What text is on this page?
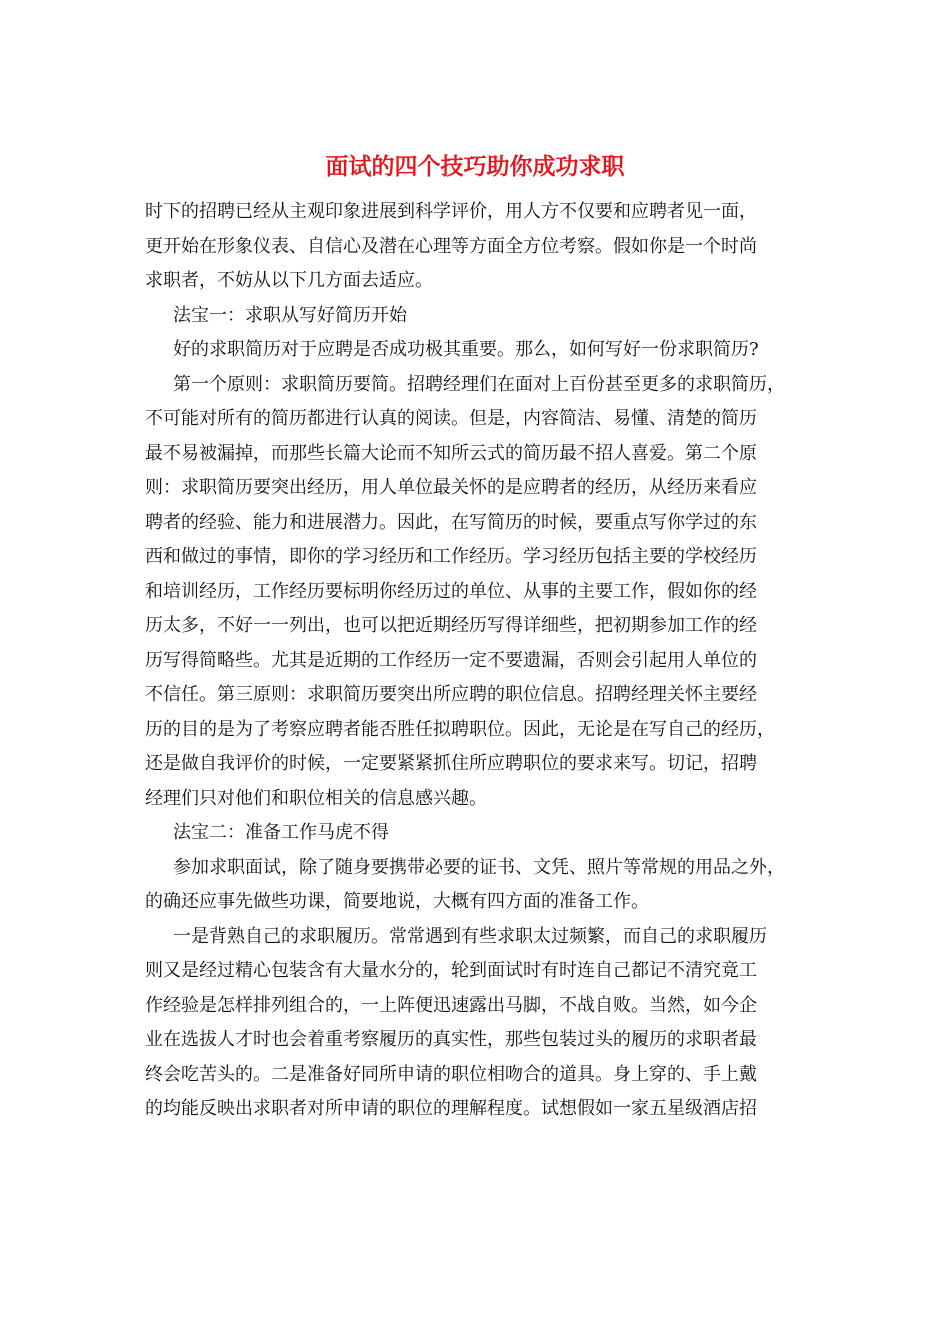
面试的四个技巧助你成功求职
时下的招聘已经从主观印象进展到科学评价，用人方不仅要和应聘者见一面，
更开始在形象仪表、自信心及潜在心理等方面全方位考察。假如你是一个时尚
求职者，不妨从以下几方面去适应。
法宝一：求职从写好简历开始
好的求职简历对于应聘是否成功极其重要。那么，如何写好一份求职简历?
第一个原则：求职简历要简。招聘经理们在面对上百份甚至更多的求职简历，
不可能对所有的简历都进行认真的阅读。但是，内容简洁、易懂、清楚的简历
最不易被漏掉，而那些长篇大论而不知所云式的简历最不招人喜爱。第二个原
则：求职简历要突出经历，用人单位最关怀的是应聘者的经历，从经历来看应
聘者的经验、能力和进展潜力。因此，在写简历的时候，要重点写你学过的东
西和做过的事情，即你的学习经历和工作经历。学习经历包括主要的学校经历
和培训经历，工作经历要标明你经历过的单位、从事的主要工作，假如你的经
历太多，不好一一列出，也可以把近期经历写得详细些，把初期参加工作的经
历写得简略些。尤其是近期的工作经历一定不要遗漏，否则会引起用人单位的
不信任。第三原则：求职简历要突出所应聘的职位信息。招聘经理关怀主要经
历的目的是为了考察应聘者能否胜任拟聘职位。因此，无论是在写自己的经历，
还是做自我评价的时候，一定要紧紧抓住所应聘职位的要求来写。切记，招聘
经理们只对他们和职位相关的信息感兴趣。
法宝二：准备工作马虎不得
参加求职面试，除了随身要携带必要的证书、文凭、照片等常规的用品之外，
的确还应事先做些功课，简要地说，大概有四方面的准备工作。
一是背熟自己的求职履历。常常遇到有些求职太过频繁，而自己的求职履历
则又是经过精心包装含有大量水分的，轮到面试时有时连自己都记不清究竟工
作经验是怎样排列组合的，一上阵便迅速露出马脚，不战自败。当然，如今企
业在选拔人才时也会着重考察履历的真实性，那些包装过头的履历的求职者最
终会吃苦头的。二是准备好同所申请的职位相吻合的道具。身上穿的、手上戴
的均能反映出求职者对所申请的职位的理解程度。试想假如一家五星级酒店招
